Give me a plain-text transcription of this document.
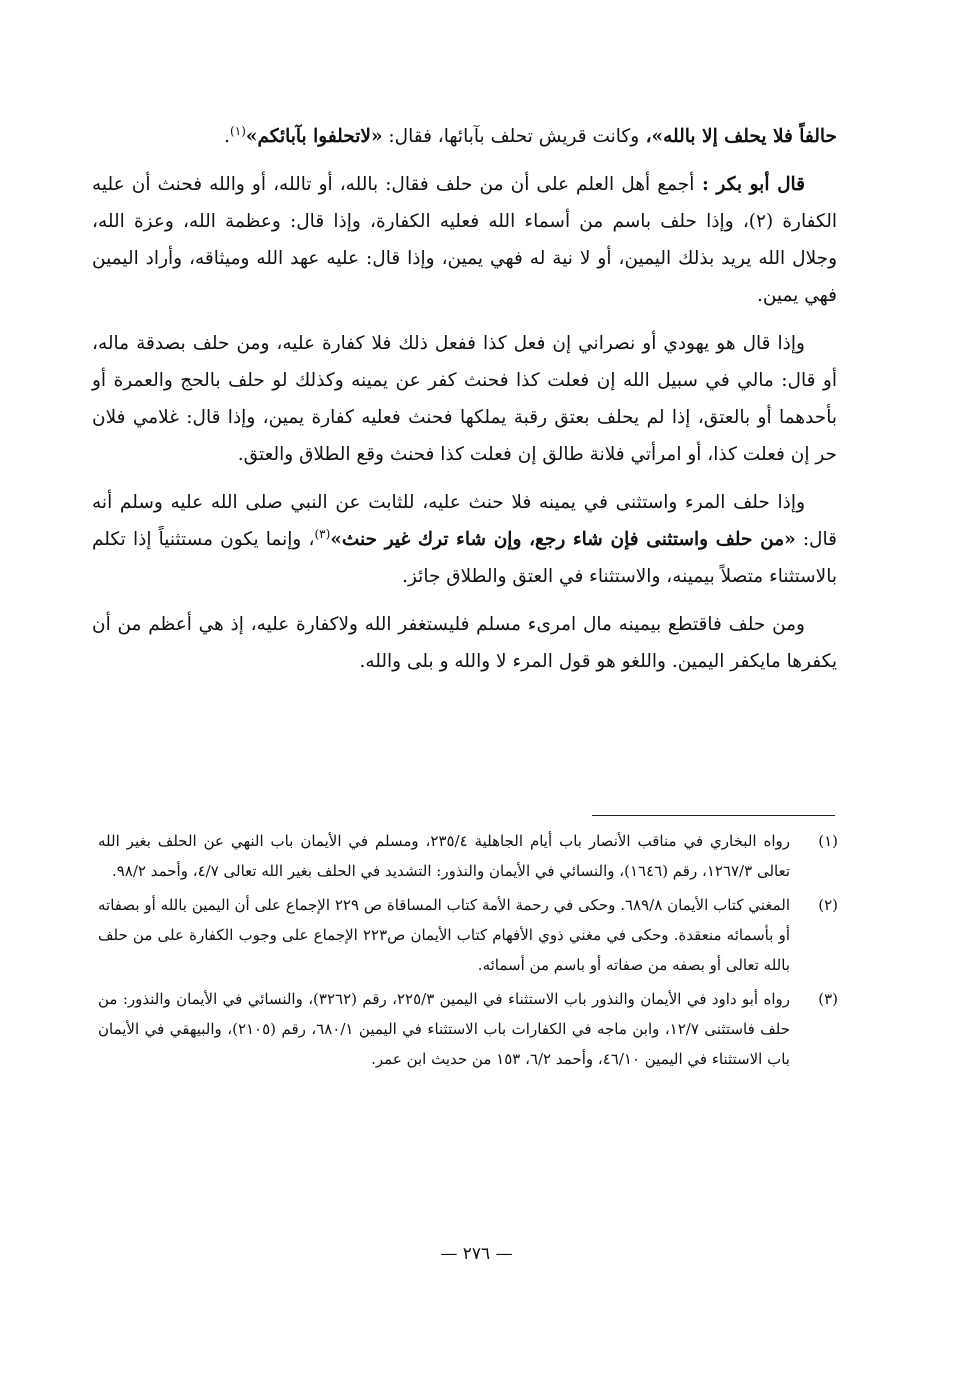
حالفاً فلا يحلف إلا بالله»، وكانت قريش تحلف بآبائها، فقال: «لاتحلفوا بآبائكم»$^{(١)}$.

قال أبو بكر : أجمع أهل العلم على أن من حلف فقال: بالله، أو تالله، أو والله فحنث أن عليه الكفارة (٢)، وإذا حلف باسم من أسماء الله فعليه الكفارة، وإذا قال: وعظمة الله، وعزة الله، وجلال الله يريد بذلك اليمين، أو لا نية له فهي يمين، وإذا قال: عليه عهد الله وميثاقه، وأراد اليمين فهي يمين.

وإذا قال هو يهودي أو نصراني إن فعل كذا ففعل ذلك فلا كفارة عليه، ومن حلف بصدقة ماله، أو قال: مالي في سبيل الله إن فعلت كذا فحنث كفر عن يمينه وكذلك لو حلف بالحج والعمرة أو بأحدهما أو بالعتق، إذا لم يحلف بعتق رقبة يملكها فحنث فعليه كفارة يمين، وإذا قال: غلامي فلان حر إن فعلت كذا، أو امرأتي فلانة طالق إن فعلت كذا فحنث وقع الطلاق والعتق.

وإذا حلف المرء واستثنى في يمينه فلا حنث عليه، للثابت عن النبي صلى الله عليه وسلم أنه قال: «من حلف واستثنى فإن شاء رجع، وإن شاء ترك غير حنث»$^{(٣)}$، وإنما يكون مستثنياً إذا تكلم بالاستثناء متصلاً بيمينه، والاستثناء في العتق والطلاق جائز.

ومن حلف فاقتطع بيمينه مال امرىء مسلم فليستغفر الله ولاكفارة عليه، إذ هي أعظم من أن يكفرها مايكفر اليمين. واللغو هو قول المرء لا والله و بلى والله.

(١)
رواه البخاري في مناقب الأنصار باب أيام الجاهلية ٢٣٥/٤، ومسلم في الأيمان باب النهي عن الحلف بغير الله تعالى ١٢٦٧/٣، رقم (١٦٤٦)، والنسائي في الأيمان والنذور: التشديد في الحلف بغير الله تعالى ٤/٧، وأحمد ٩٨/٢.
(٢)
المغني كتاب الأيمان ٦٨٩/٨. وحكى في رحمة الأمة كتاب المساقاة ص ٢٢٩ الإجماع على أن اليمين بالله أو بصفاته أو بأسمائه منعقدة. وحكى في مغني ذوي الأفهام كتاب الأيمان ص٢٢٣ الإجماع على وجوب الكفارة على من حلف بالله تعالى أو بصفه من صفاته أو باسم من أسمائه.
(٣)
رواه أبو داود في الأيمان والنذور باب الاستثناء في اليمين ٢٢٥/٣، رقم (٣٢٦٢)، والنسائي في الأيمان والنذور: من حلف فاستثنى ١٢/٧، وابن ماجه في الكفارات باب الاستثناء في اليمين ٦٨٠/١، رقم (٢١٠٥)، والبيهقي في الأيمان باب الاستثناء في اليمين ٤٦/١٠، وأحمد ٦/٢، ١٥٣ من حديث ابن عمر.
— ٢٧٦ —
